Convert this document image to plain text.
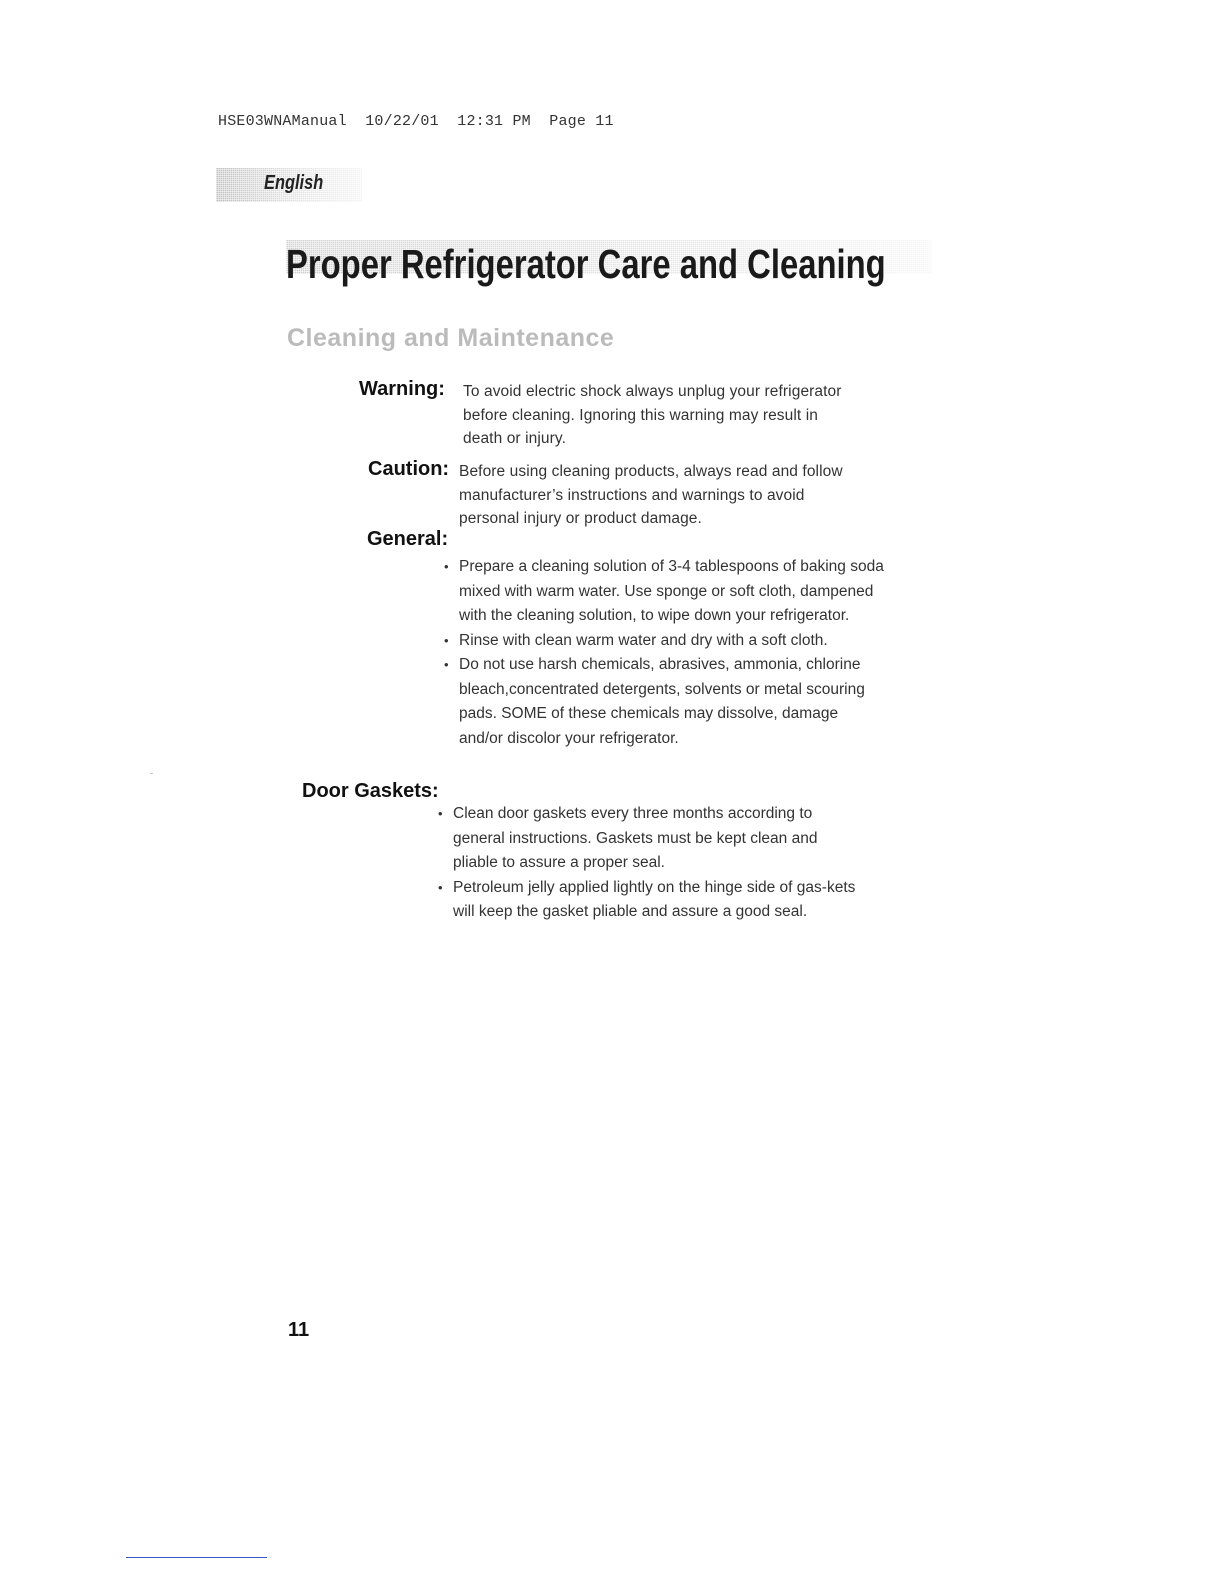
HSE03WNAManual  10/22/01  12:31 PM  Page 11
English
Proper Refrigerator Care and Cleaning
Cleaning and Maintenance
Warning: To avoid electric shock always unplug your refrigerator before cleaning. Ignoring this warning may result in death or injury.

Caution: Before using cleaning products, always read and follow manufacturer’s instructions and warnings to avoid personal injury or product damage.

General:
• Prepare a cleaning solution of 3-4 tablespoons of baking soda mixed with warm water. Use sponge or soft cloth, dampened with the cleaning solution, to wipe down your refrigerator.
• Rinse with clean warm water and dry with a soft cloth.
• Do not use harsh chemicals, abrasives, ammonia, chlorine bleach,concentrated detergents, solvents or metal scouring pads. SOME of these chemicals may dissolve, damage and/or discolor your refrigerator.
Door Gaskets:
• Clean door gaskets every three months according to general instructions. Gaskets must be kept clean and pliable to assure a proper seal.
• Petroleum jelly applied lightly on the hinge side of gas-kets will keep the gasket pliable and assure a good seal.
11
